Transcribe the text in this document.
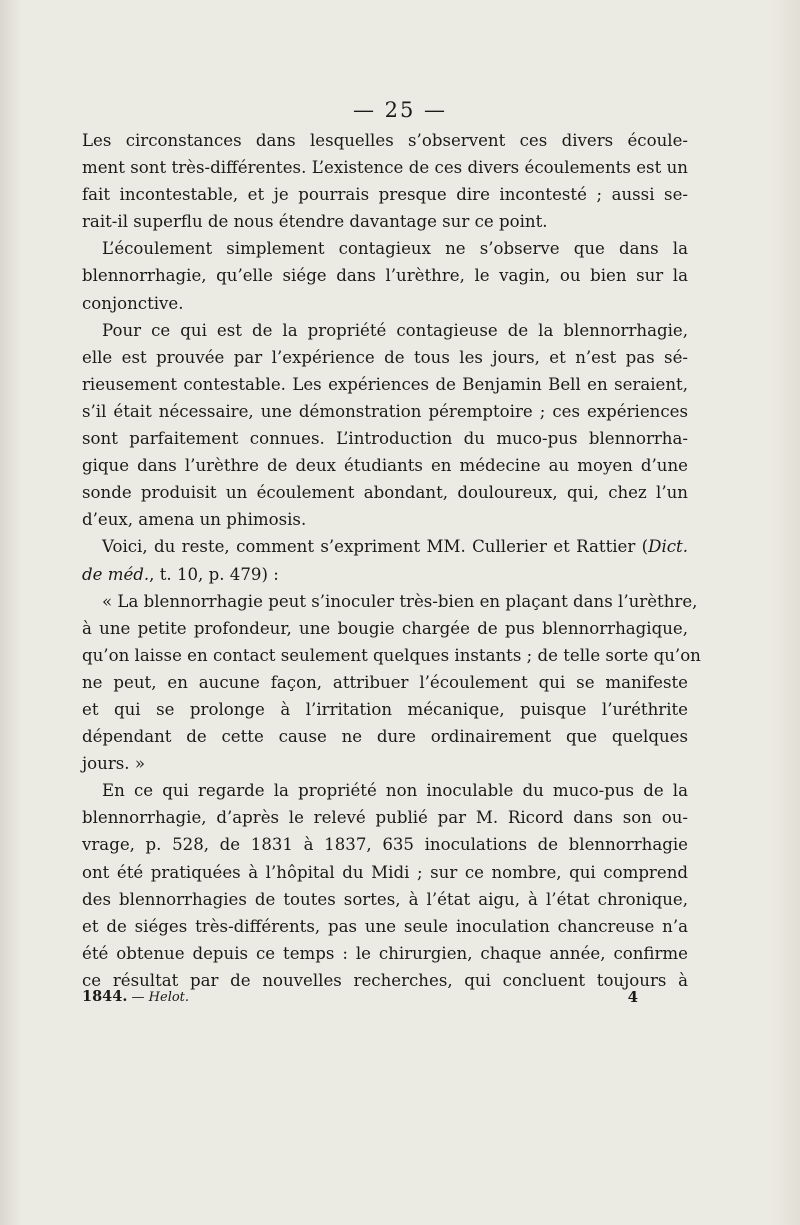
— 25 —
Les circonstances dans lesquelles s’observent ces divers écoule-
ment sont très-différentes. L’existence de ces divers écoulements est un
fait incontestable, et je pourrais presque dire incontesté ; aussi se-
rait-il superflu de nous étendre davantage sur ce point.
L’écoulement simplement contagieux ne s’observe que dans la
blennorrhagie, qu’elle siége dans l’urèthre, le vagin, ou bien sur la
conjonctive.
Pour ce qui est de la propriété contagieuse de la blennorrhagie,
elle est prouvée par l’expérience de tous les jours, et n’est pas sé-
rieusement contestable. Les expériences de Benjamin Bell en seraient,
s’il était nécessaire, une démonstration péremptoire ; ces expériences
sont parfaitement connues. L’introduction du muco-pus blennorrha-
gique dans l’urèthre de deux étudiants en médecine au moyen d’une
sonde produisit un écoulement abondant, douloureux, qui, chez l’un
d’eux, amena un phimosis.
Voici, du reste, comment s’expriment MM. Cullerier et Rattier (Dict.
de méd., t. 10, p. 479) :
« La blennorrhagie peut s’inoculer très-bien en plaçant dans l’urèthre,
à une petite profondeur, une bougie chargée de pus blennorrhagique,
qu’on laisse en contact seulement quelques instants ; de telle sorte qu’on
ne peut, en aucune façon, attribuer l’écoulement qui se manifeste
et qui se prolonge à l’irritation mécanique, puisque l’uréthrite
dépendant de cette cause ne dure ordinairement que quelques
jours. »
En ce qui regarde la propriété non inoculable du muco-pus de la
blennorrhagie, d’après le relevé publié par M. Ricord dans son ou-
vrage, p. 528, de 1831 à 1837, 635 inoculations de blennorrhagie
ont été pratiquées à l’hôpital du Midi ; sur ce nombre, qui comprend
des blennorrhagies de toutes sortes, à l’état aigu, à l’état chronique,
et de siéges très-différents, pas une seule inoculation chancreuse n’a
été obtenue depuis ce temps : le chirurgien, chaque année, confirme
ce résultat par de nouvelles recherches, qui concluent toujours à
1844. — Helot.	4
